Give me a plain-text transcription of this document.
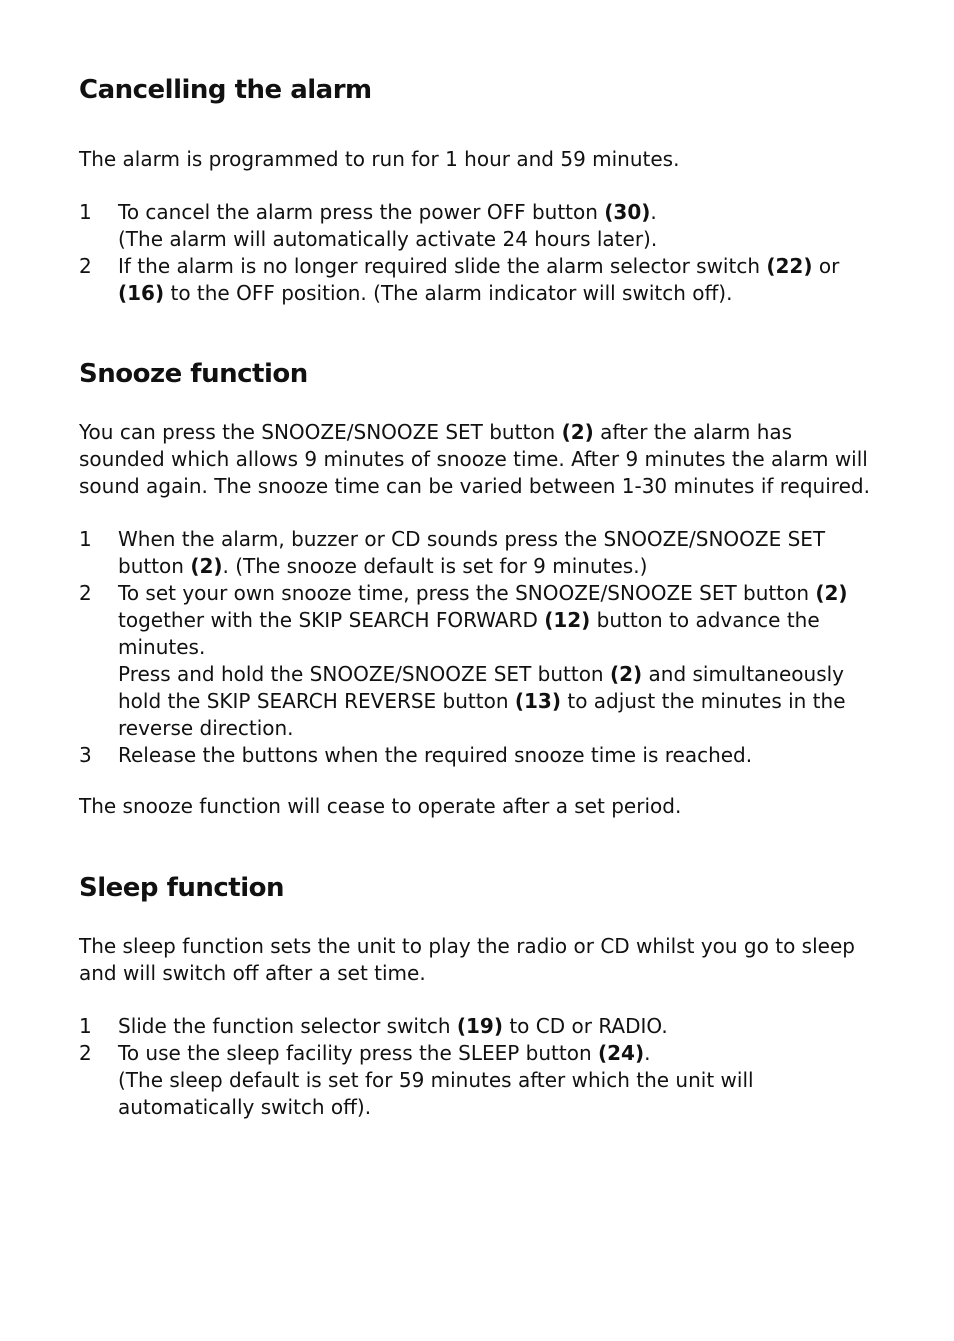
Cancelling the alarm
The alarm is programmed to run for 1 hour and 59 minutes.
1	To cancel the alarm press the power OFF button (30).
(The alarm will automatically activate 24 hours later).
2	If the alarm is no longer required slide the alarm selector switch (22) or
(16) to the OFF position. (The alarm indicator will switch off).
Snooze function
You can press the SNOOZE/SNOOZE SET button (2) after the alarm has
sounded which allows 9 minutes of snooze time. After 9 minutes the alarm will
sound again. The snooze time can be varied between 1-30 minutes if required.
1	When the alarm, buzzer or CD sounds press the SNOOZE/SNOOZE SET
button (2). (The snooze default is set for 9 minutes.)
2	To set your own snooze time, press the SNOOZE/SNOOZE SET button (2)
together with the SKIP SEARCH FORWARD (12) button to advance the
minutes.
Press and hold the SNOOZE/SNOOZE SET button (2) and simultaneously
hold the SKIP SEARCH REVERSE button (13) to adjust the minutes in the
reverse direction.
3	Release the buttons when the required snooze time is reached.

The snooze function will cease to operate after a set period.

Sleep function
The sleep function sets the unit to play the radio or CD whilst you go to sleep
and will switch off after a set time.
1	Slide the function selector switch (19) to CD or RADIO.
2	To use the sleep facility press the SLEEP button (24).
(The sleep default is set for 59 minutes after which the unit will
automatically switch off).
